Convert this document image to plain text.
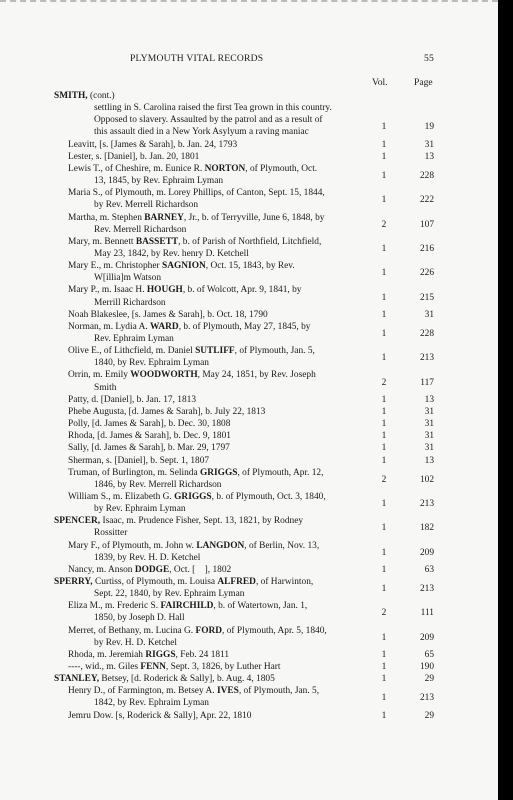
PLYMOUTH VITAL RECORDS	55
Vol.	Page
SMITH, (cont.)
settling in S. Carolina raised the first Tea grown in this country.
Opposed to slavery. Assaulted by the patrol and as a result of
this assault died in a New York Asylyum a raving maniac	1	19
Leavitt, [s. [James & Sarah], b. Jan. 24, 1793	1	31
Lester, s. [Daniel], b. Jan. 20, 1801	1	13
Lewis T., of Cheshire, m. Eunice R. NORTON, of Plymouth, Oct.
13, 1845, by Rev. Ephraim Lyman	1	228
Maria S., of Plymouth, m. Lorey Phillips, of Canton, Sept. 15, 1844,
by Rev. Merrell Richardson	1	222
Martha, m. Stephen BARNEY, Jr., b. of Terryville, June 6, 1848, by
Rev. Merrell Richardson	2	107
Mary, m. Bennett BASSETT, b. of Parish of Northfield, Litchfield,
May 23, 1842, by Rev. henry D. Ketchell	1	216
Mary E., m. Christopher SAGNION, Oct. 15, 1843, by Rev.
W[illia]m Watson	1	226
Mary P., m. Isaac H. HOUGH, b. of Wolcott, Apr. 9, 1841, by
Merrill Richardson	1	215
Noah Blakeslee, [s. James & Sarah], b. Oct. 18, 1790	1	31
Norman, m. Lydia A. WARD, b. of Plymouth, May 27, 1845, by
Rev. Ephraim Lyman	1	228
Olive E., of Lithcfield, m. Daniel SUTLIFF, of Plymouth, Jan. 5,
1840, by Rev. Ephraim Lyman	1	213
Orrin, m. Emily WOODWORTH, May 24, 1851, by Rev. Joseph
Smith	2	117
Patty, d. [Daniel], b. Jan. 17, 1813	1	13
Phebe Augusta, [d. James & Sarah], b. July 22, 1813	1	31
Polly, [d. James & Sarah], b. Dec. 30, 1808	1	31
Rhoda, [d. James & Sarah], b. Dec. 9, 1801	1	31
Sally, [d. James & Sarah], b. Mar. 29, 1797	1	31
Sherman, s. [Daniel], b. Sept. 1, 1807	1	13
Truman, of Burlington, m. Selinda GRIGGS, of Plymouth, Apr. 12,
1846, by Rev. Merrell Richardson	2	102
William S., m. Elizabeth G. GRIGGS, b. of Plymouth, Oct. 3, 1840,
by Rev. Ephraim Lyman	1	213
SPENCER, Isaac, m. Prudence Fisher, Sept. 13, 1821, by Rodney
Rossitter	1	182
Mary F., of Plymouth, m. John w. LANGDON, of Berlin, Nov. 13,
1839, by Rev. H. D. Ketchel	1	209
Nancy, m. Anson DODGE, Oct. [    ], 1802	1	63
SPERRY, Curtiss, of Plymouth, m. Louisa ALFRED, of Harwinton,
Sept. 22, 1840, by Rev. Ephraim Lyman	1	213
Eliza M., m. Frederic S. FAIRCHILD, b. of Watertown, Jan. 1,
1850, by Joseph D. Hall	2	111
Merret, of Bethany, m. Lucina G. FORD, of Plymouth, Apr. 5, 1840,
by Rev. H. D. Ketchel	1	209
Rhoda, m. Jeremiah RIGGS, Feb. 24 1811	1	65
----, wid., m. Giles FENN, Sept. 3, 1826, by Luther Hart	1	190
STANLEY, Betsey, [d. Roderick & Sally], b. Aug. 4, 1805	1	29
Henry D., of Farmington, m. Betsey A. IVES, of Plymouth, Jan. 5,
1842, by Rev. Ephraim Lyman	1	213
Jemru Dow. [s, Roderick & Sally], Apr. 22, 1810	1	29
